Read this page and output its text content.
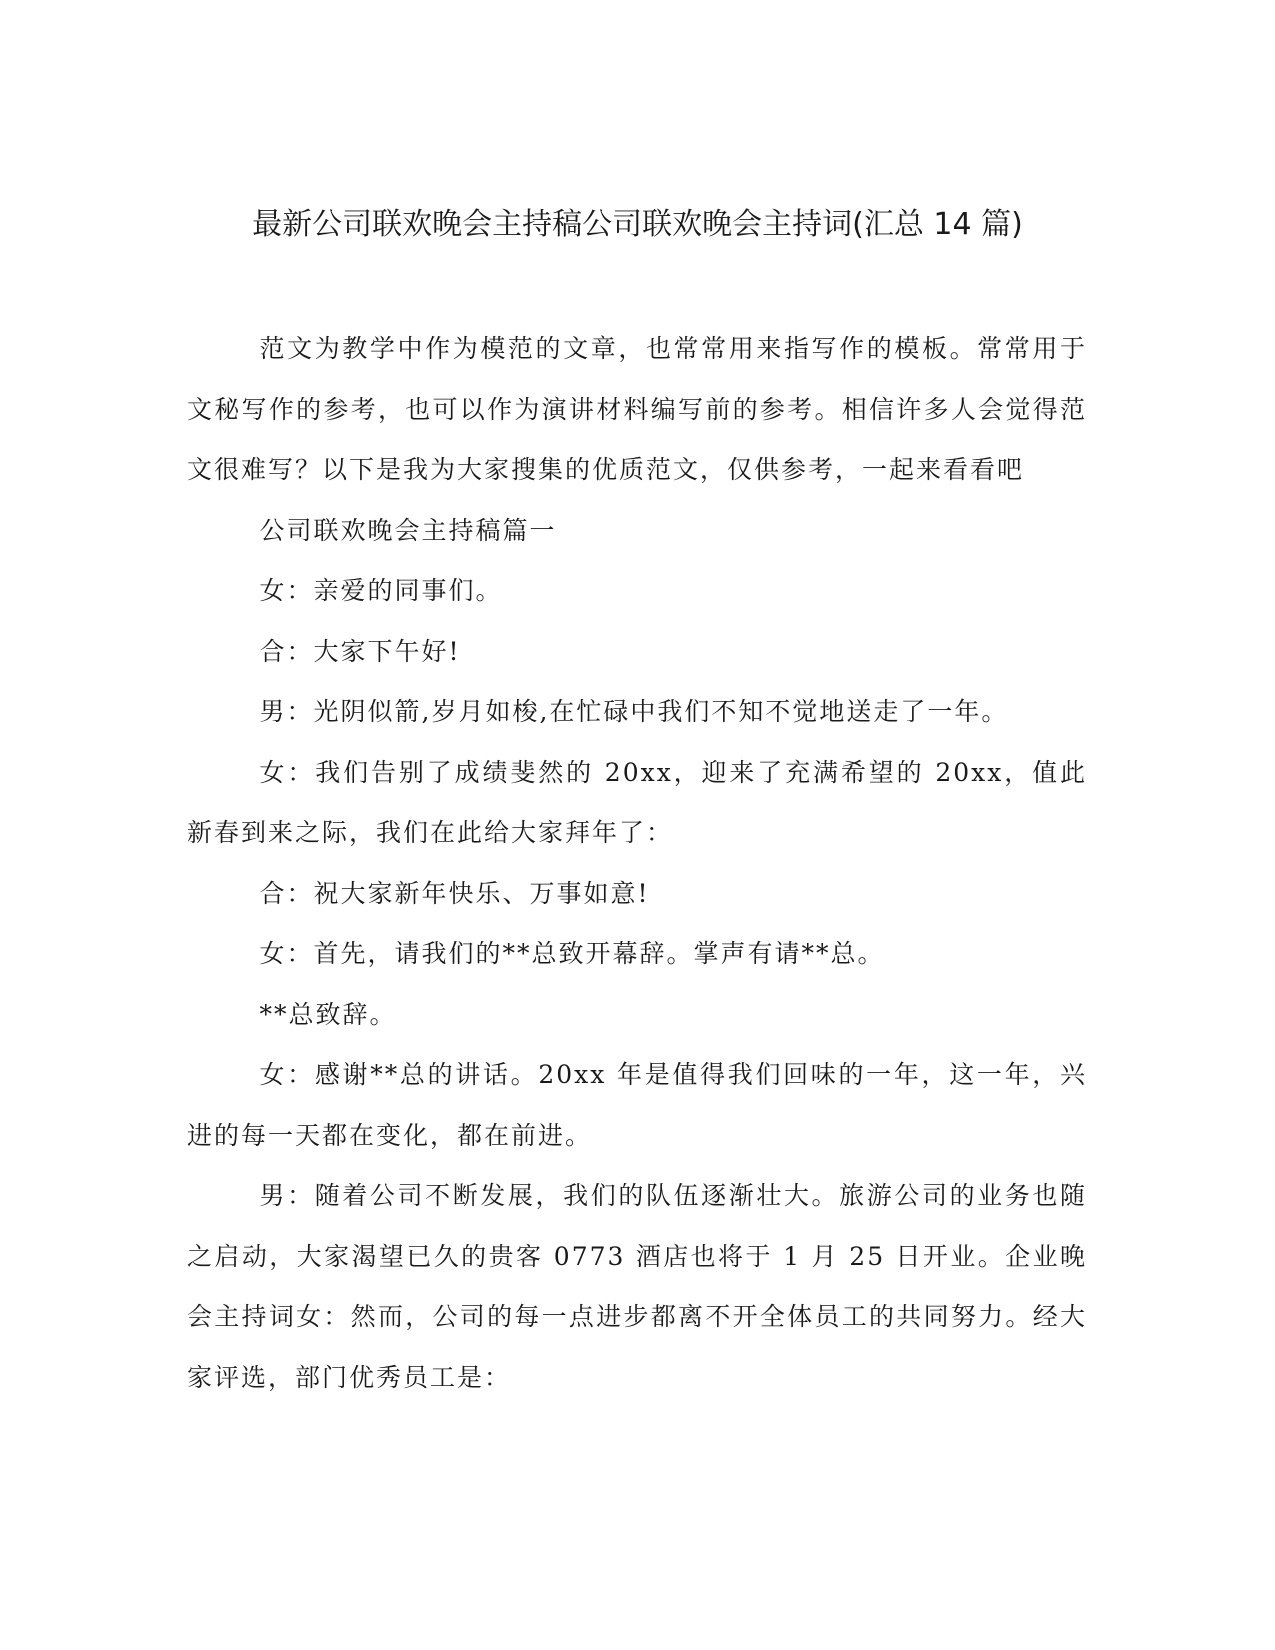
最新公司联欢晚会主持稿公司联欢晚会主持词(汇总 14 篇)

范文为教学中作为模范的文章，也常常用来指写作的模板。常常用于文秘写作的参考，也可以作为演讲材料编写前的参考。相信许多人会觉得范文很难写？以下是我为大家搜集的优质范文，仅供参考，一起来看看吧

公司联欢晚会主持稿篇一

女：亲爱的同事们。

合：大家下午好!

男：光阴似箭,岁月如梭,在忙碌中我们不知不觉地送走了一年。

女：我们告别了成绩斐然的 20xx，迎来了充满希望的 20xx，值此新春到来之际，我们在此给大家拜年了：

合：祝大家新年快乐、万事如意!

女：首先，请我们的**总致开幕辞。掌声有请**总。

**总致辞。

女：感谢**总的讲话。20xx 年是值得我们回味的一年，这一年，兴进的每一天都在变化，都在前进。

男：随着公司不断发展，我们的队伍逐渐壮大。旅游公司的业务也随之启动，大家渴望已久的贵客 0773 酒店也将于 1 月 25 日开业。企业晚会主持词女：然而，公司的每一点进步都离不开全体员工的共同努力。经大家评选，部门优秀员工是：
